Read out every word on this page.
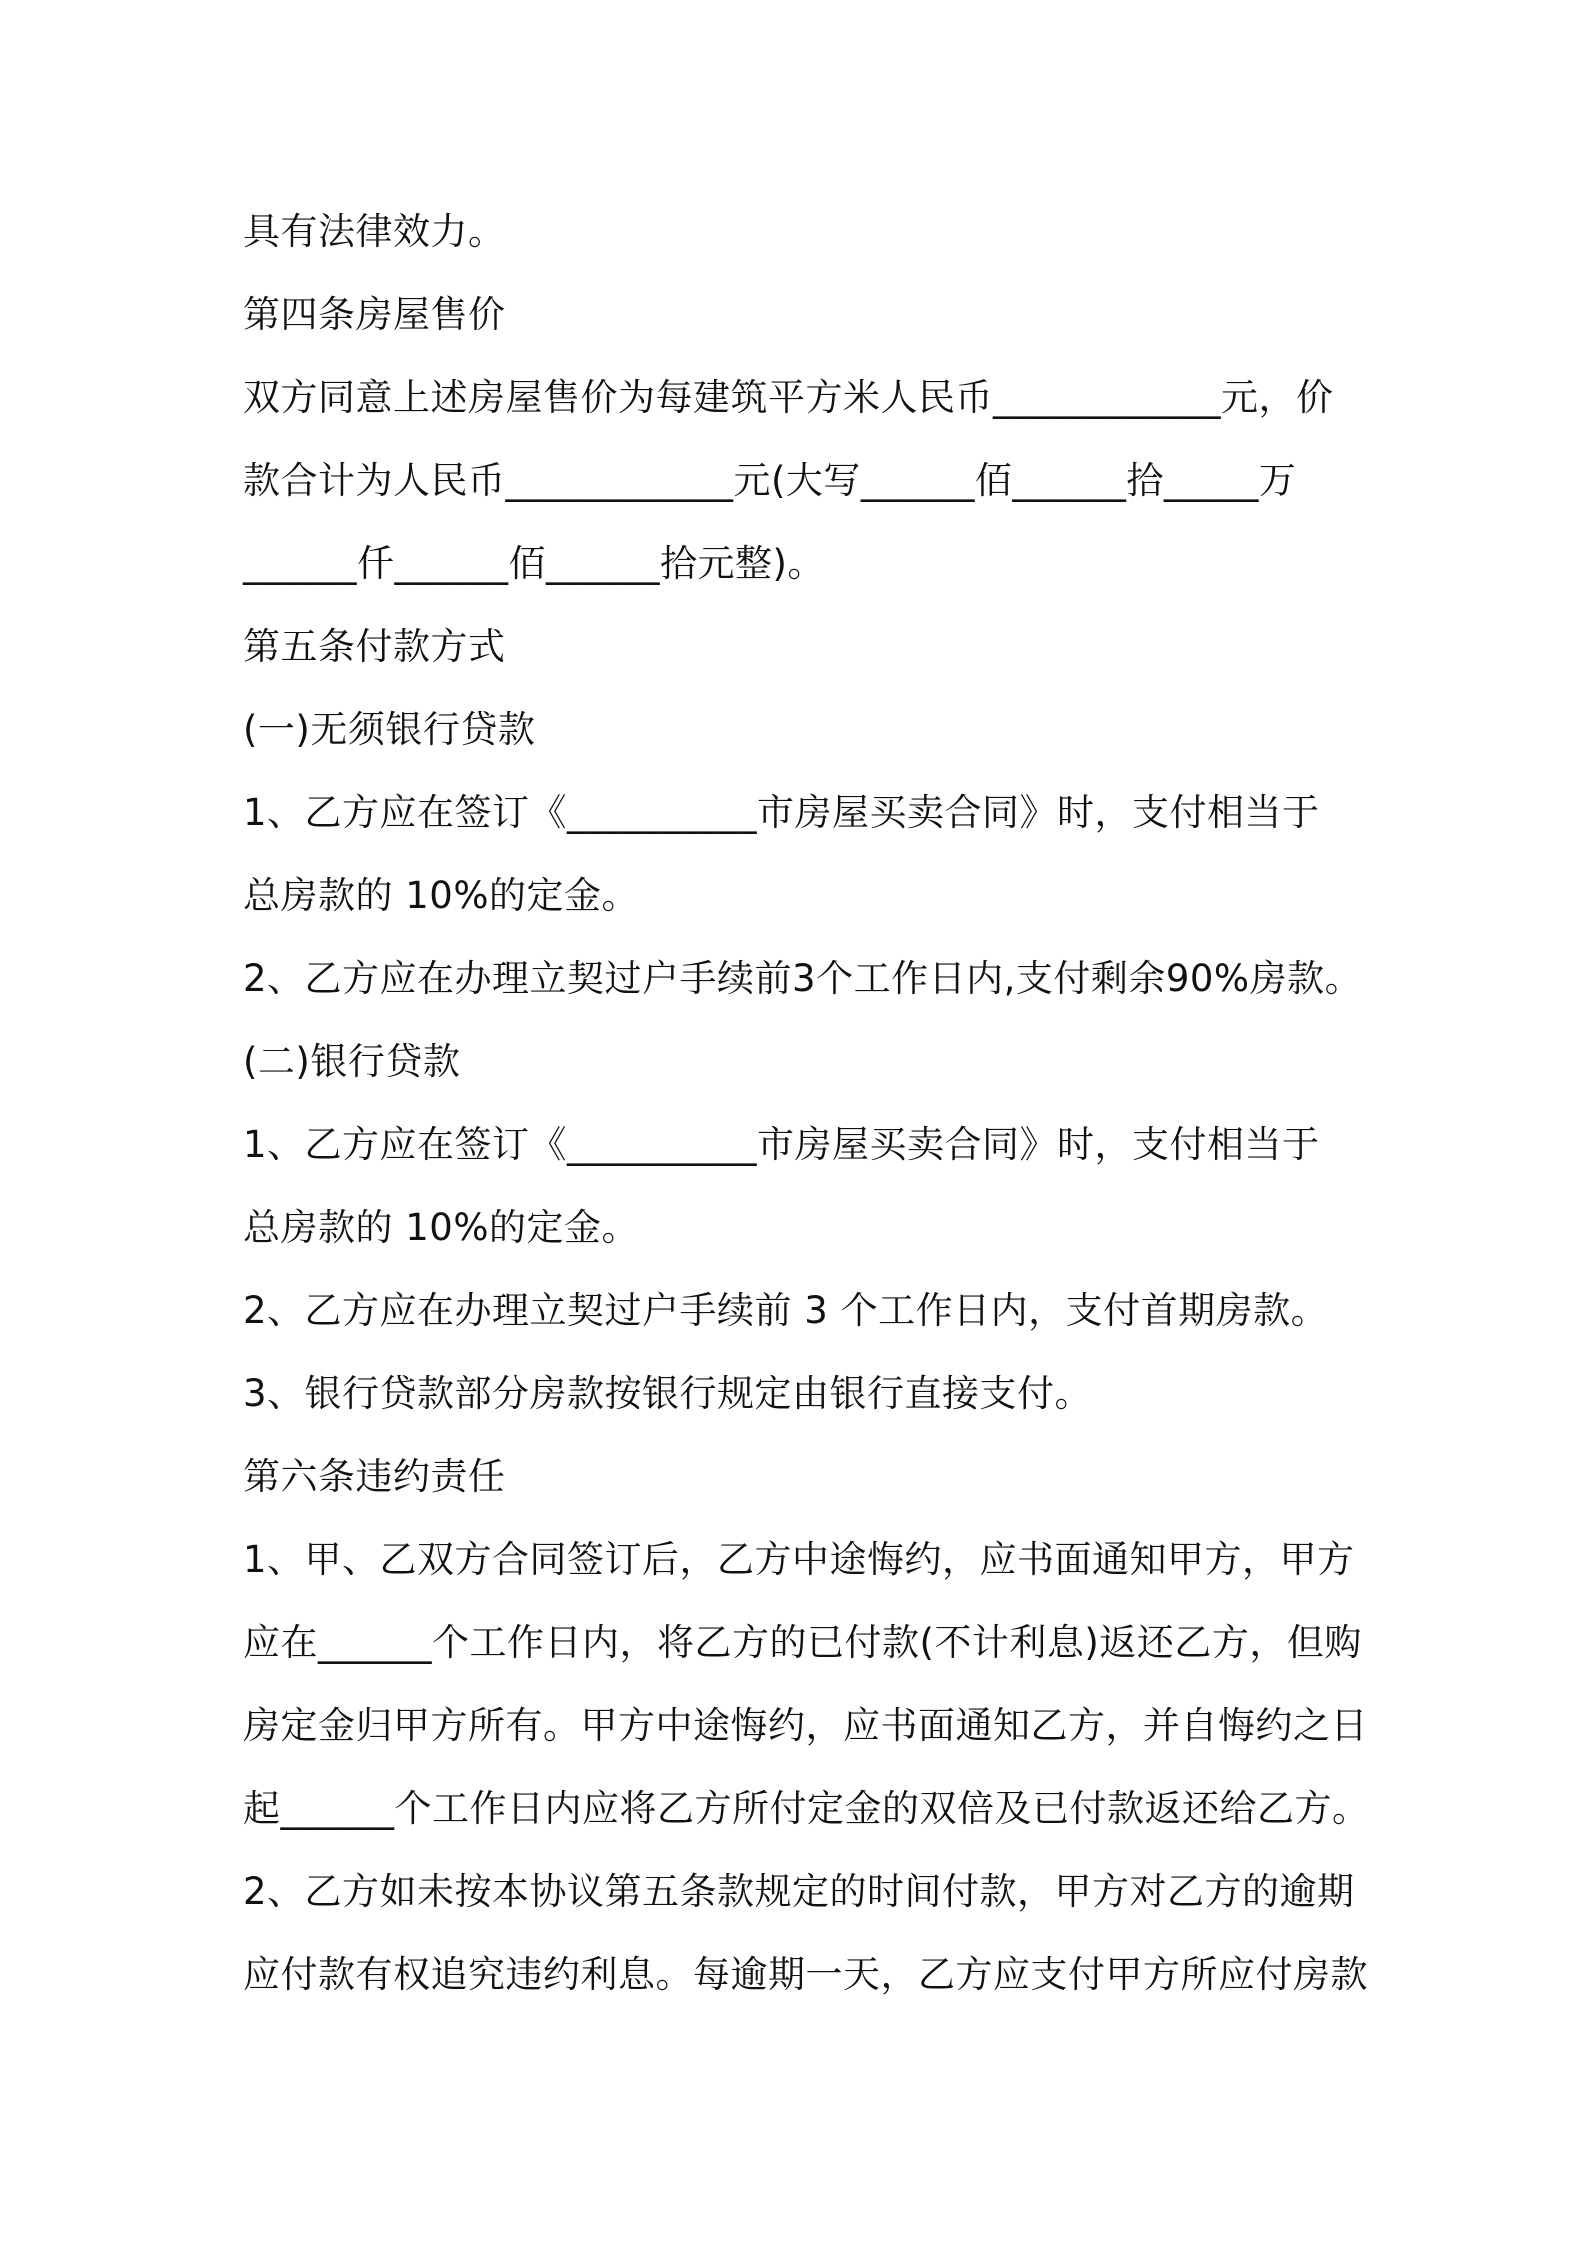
具有法律效力。
第四条房屋售价
双方同意上述房屋售价为每建筑平方米人民币____________元，价
款合计为人民币____________元(大写______佰______拾_____万
______仟______佰______拾元整)。
第五条付款方式
(一)无须银行贷款
1、乙方应在签订《__________市房屋买卖合同》时，支付相当于
总房款的 10%的定金。
2、乙方应在办理立契过户手续前3个工作日内,支付剩余90%房款。
(二)银行贷款
1、乙方应在签订《__________市房屋买卖合同》时，支付相当于
总房款的 10%的定金。
2、乙方应在办理立契过户手续前 3 个工作日内，支付首期房款。
3、银行贷款部分房款按银行规定由银行直接支付。
第六条违约责任
1、甲、乙双方合同签订后，乙方中途悔约，应书面通知甲方，甲方
应在______个工作日内，将乙方的已付款(不计利息)返还乙方，但购
房定金归甲方所有。甲方中途悔约，应书面通知乙方，并自悔约之日
起______个工作日内应将乙方所付定金的双倍及已付款返还给乙方。
2、乙方如未按本协议第五条款规定的时间付款，甲方对乙方的逾期
应付款有权追究违约利息。每逾期一天，乙方应支付甲方所应付房款
